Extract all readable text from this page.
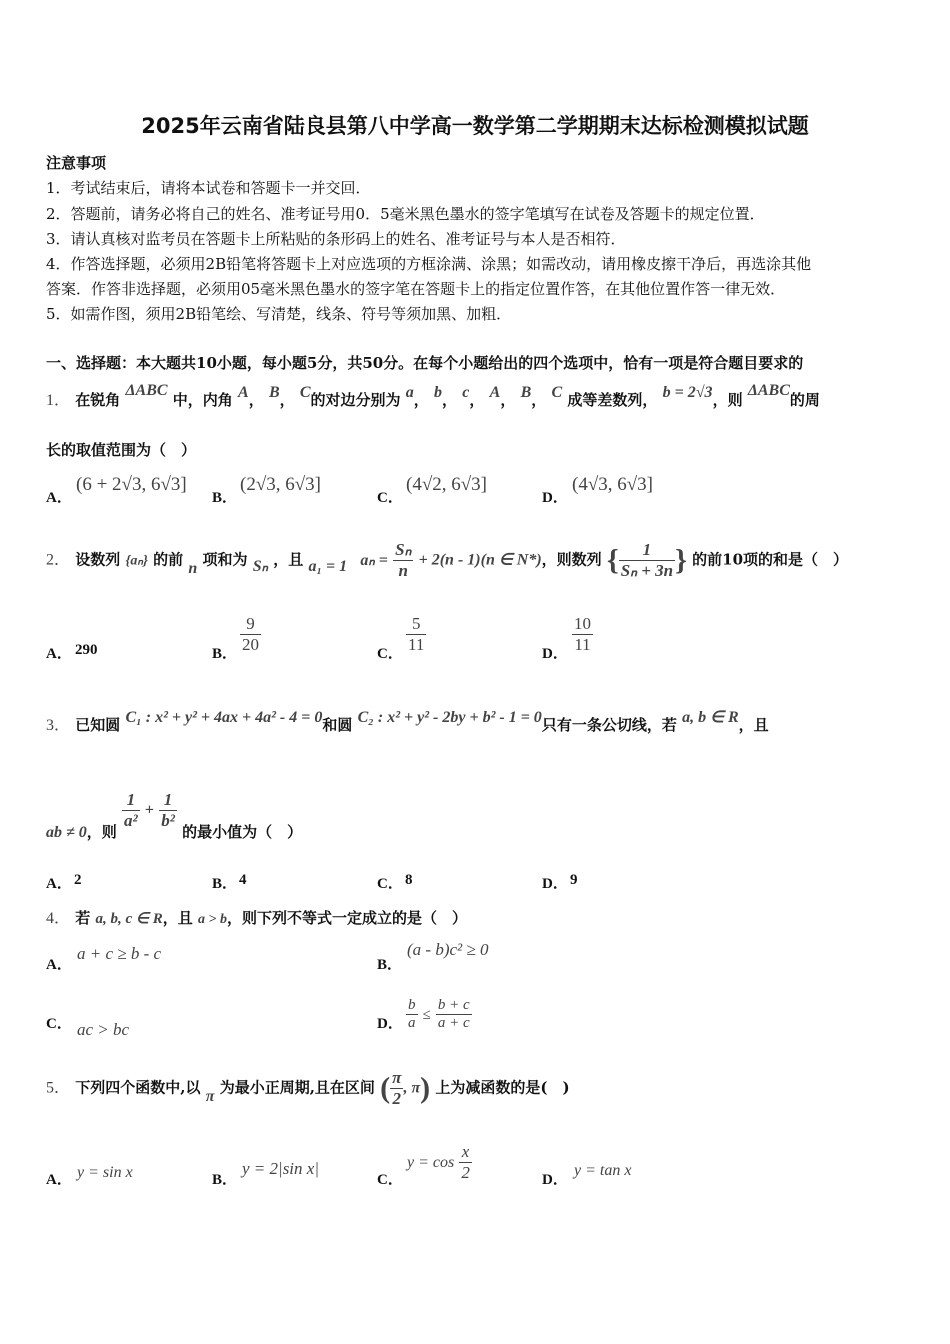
2025年云南省陆良县第八中学高一数学第二学期期末达标检测模拟试题
注意事项
1．考试结束后，请将本试卷和答题卡一并交回．
2．答题前，请务必将自己的姓名、准考证号用0．5毫米黑色墨水的签字笔填写在试卷及答题卡的规定位置．
3．请认真核对监考员在答题卡上所粘贴的条形码上的姓名、准考证号与本人是否相符．
4．作答选择题，必须用2B铅笔将答题卡上对应选项的方框涂满、涂黑；如需改动，请用橡皮擦干净后，再选涂其他
答案．作答非选择题，必须用05毫米黑色墨水的签字笔在答题卡上的指定位置作答，在其他位置作答一律无效．
5．如需作图，须用2B铅笔绘、写清楚，线条、符号等须加黑、加粗．
一、选择题：本大题共10小题，每小题5分，共50分。在每个小题给出的四个选项中，恰有一项是符合题目要求的
1． 在锐角 ΔABC 中，内角 A， B， C的对边分别为 a， b， c， A， B， C 成等差数列， b = 2√3，则 ΔABC的周
长的取值范围为（　）
A．
(6 + 2√3, 6√3]
B．
(2√3, 6√3]
C．
(4√2, 6√3]
D．
(4√3, 6√3]
2． 设数列 {aₙ} 的前 n 项和为 Sₙ ，且 a₁ = 1 $a_n = \frac{\text{Sₙ}}{n} + 2(n - 1)(n$ ∈ N*)，则数列 { $\frac{1}{\text{Sₙ + 3n}}$ } 的前10项的和是（　）
A． 290	B． $\frac{9}{20}$	C． $\frac{5}{11}$	D． $\frac{10}{11}$
3． 已知圆 C₁ : x² + y² + 4ax + 4a² - 4 = 0和圆 C₂ : x² + y² - 2by + b² - 1 = 0只有一条公切线，若 a, b ∈ R，且
ab ≠ 0，则
$\frac{1}{\text{a²}} + \frac{1}{\text{b²}}$
的最小值为（　）
A． 2	B． 4	C． 8	D． 9
4． 若 a, b, c ∈ R，且 a > b，则下列不等式一定成立的是（　）
A．
a + c ≥ b - c
B．
(a - b)c² ≥ 0
C． ac > bc	D． $\frac{b}{a} \le \frac{b + c}{a + c}$
5． 下列四个函数中,以 π 为最小正周期,且在区间 ( $\frac{\pi}{2}$ , π) 上为减函数的是(　)
A． y = sin x	B．
y = 2|sin x|
C．
$y = \cos \frac{x}{2}$	D．
y = tan x
